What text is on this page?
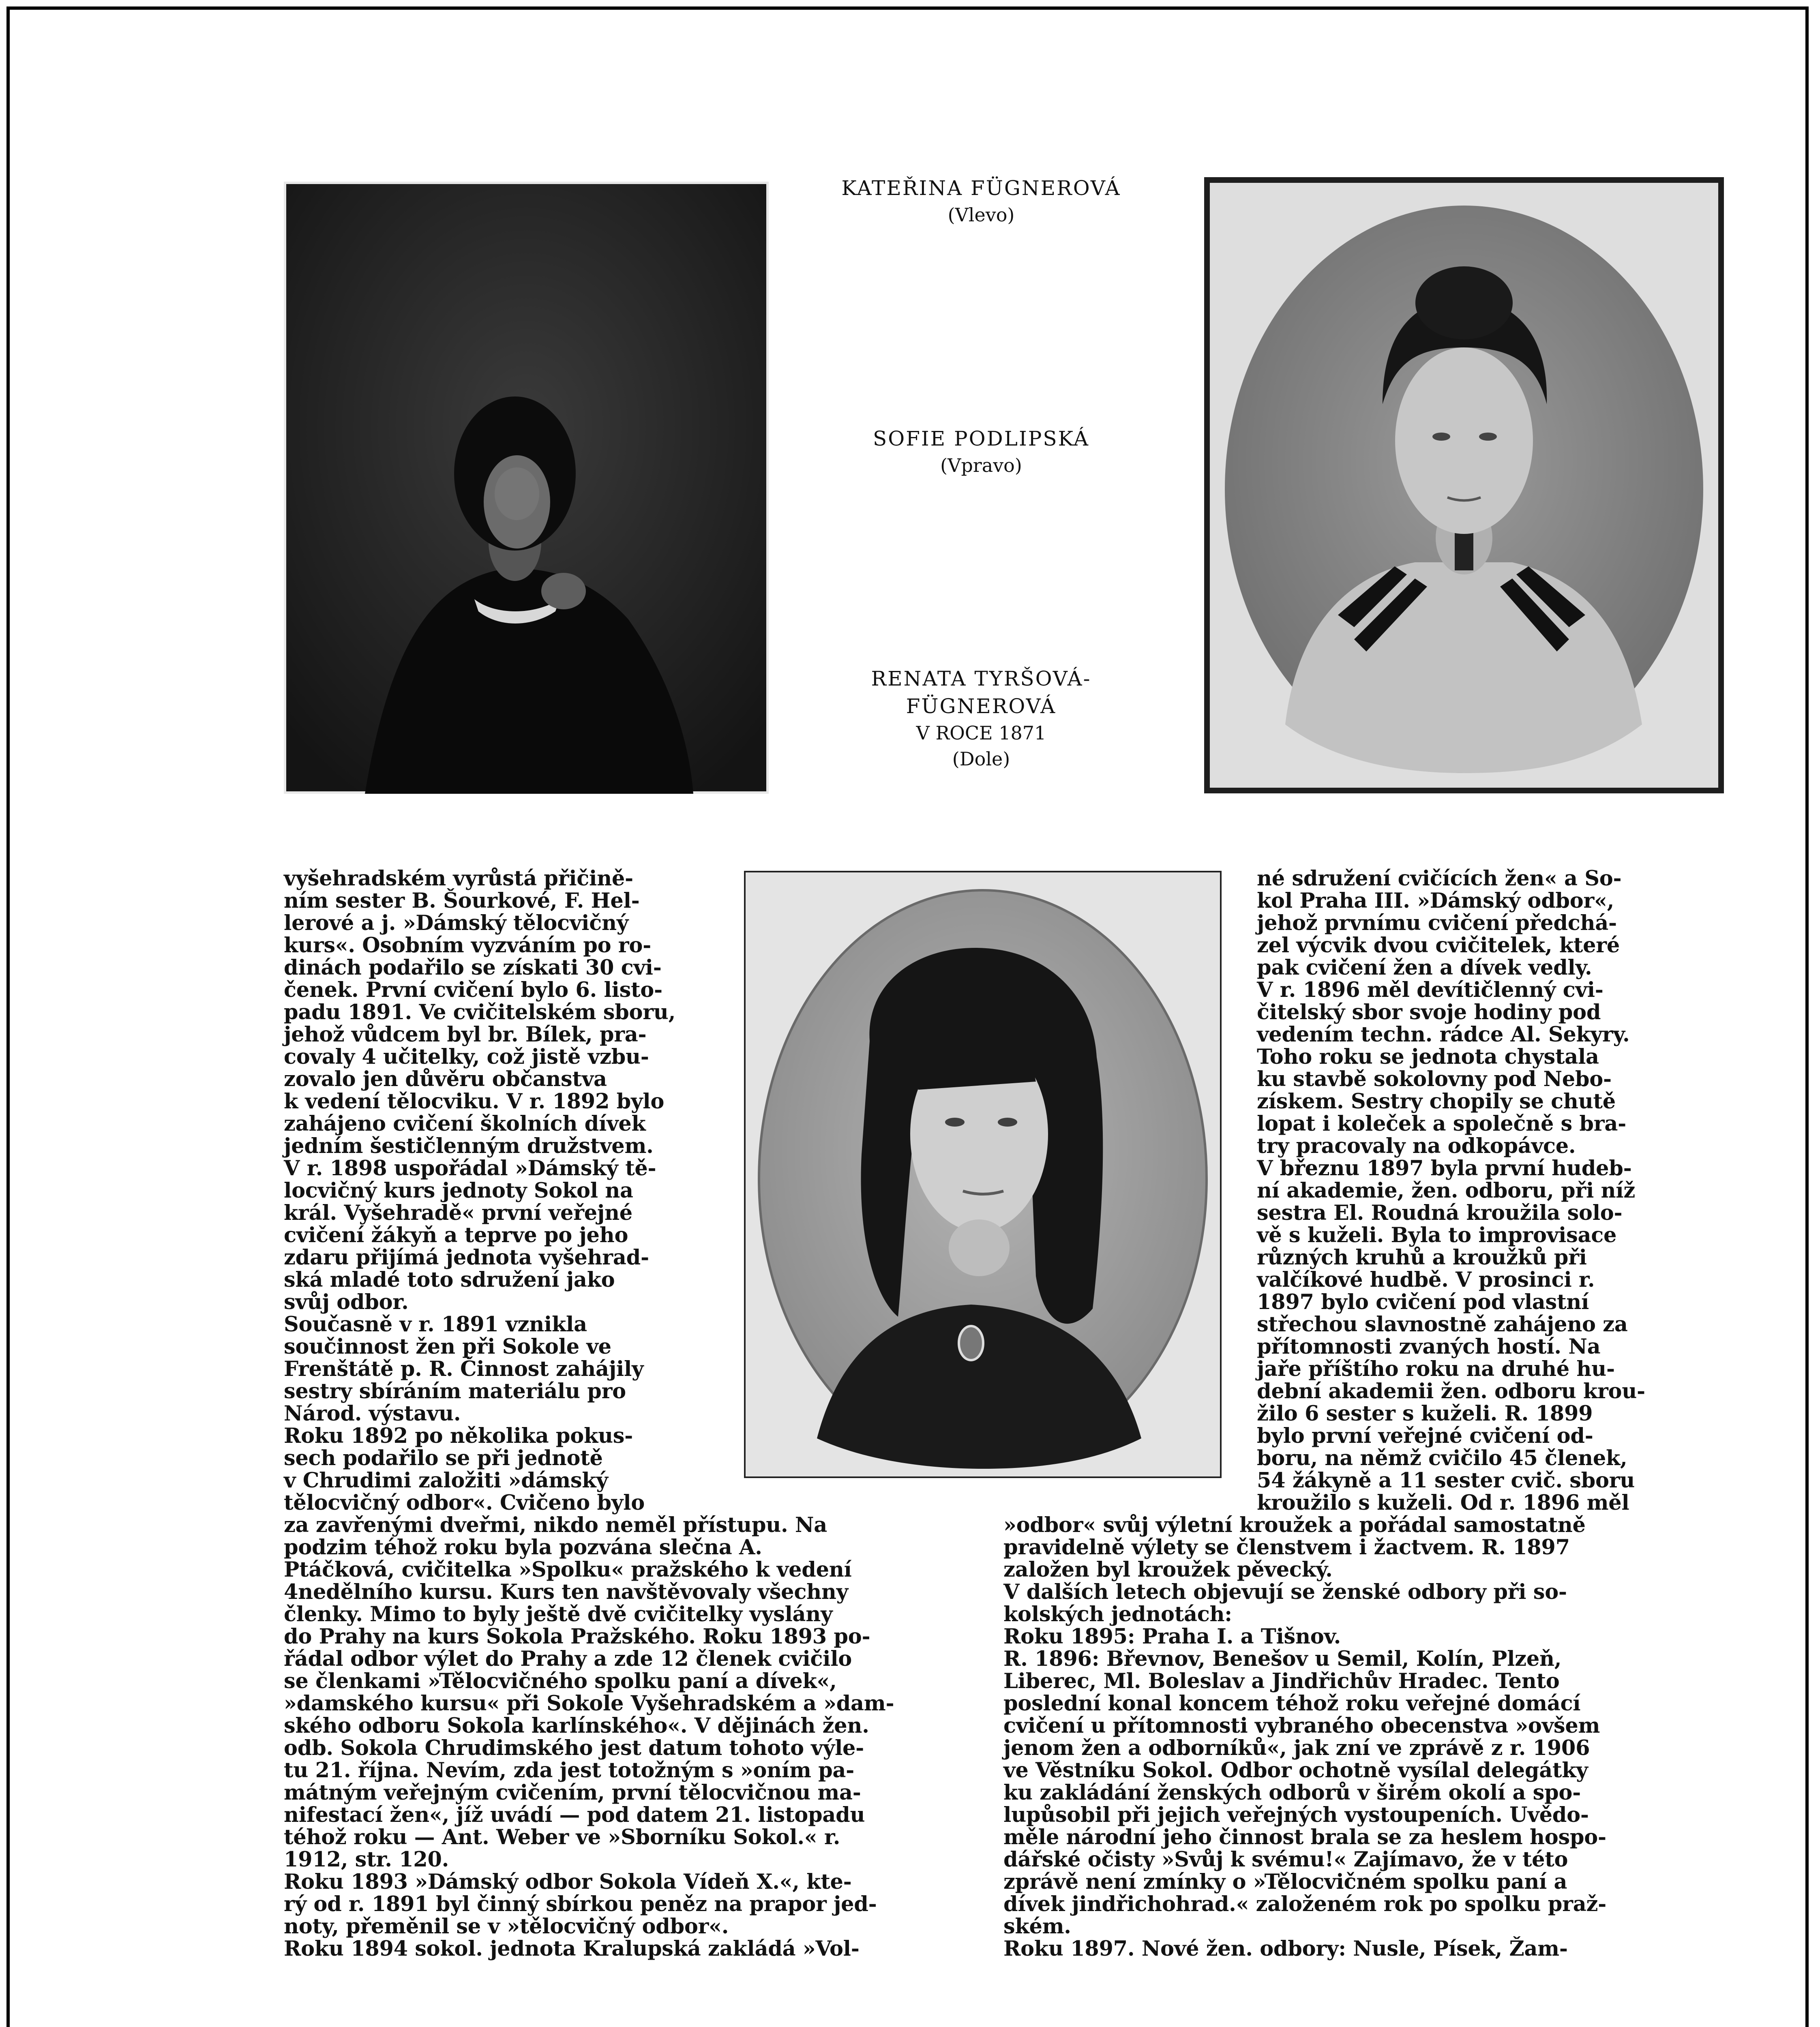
KATEŘINA FÜGNEROVÁ
(Vlevo)
SOFIE PODLIPSKÁ
(Vpravo)
RENATA TYRŠOVÁ-
FÜGNEROVÁ
V ROCE 1871
(Dole)

vyšehradském vyrůstá přičině-

ním sester B. Šourkové, F. Hel-

lerové a j. »Dámský tělocvičný

kurs«. Osobním vyzváním po ro-

dinách podařilo se získati 30 cvi-

čenek. První cvičení bylo 6. listo-

padu 1891. Ve cvičitelském sboru,

jehož vůdcem byl br. Bílek, pra-

covaly 4 učitelky, což jistě vzbu-

zovalo jen důvěru občanstva

k vedení tělocviku. V r. 1892 bylo

zahájeno cvičení školních dívek

jedním šestičlenným družstvem.

V r. 1898 uspořádal »Dámský tě-

locvičný kurs jednoty Sokol na

král. Vyšehradě« první veřejné

cvičení žákyň a teprve po jeho

zdaru přijímá jednota vyšehrad-

ská mladé toto sdružení jako

svůj odbor.

Současně v r. 1891 vznikla

součinnost žen při Sokole ve

Frenštátě p. R. Činnost zahájily

sestry sbíráním materiálu pro

Národ. výstavu.

Roku 1892 po několika pokus-

sech podařilo se při jednotě

v Chrudimi založiti »dámský

tělocvičný odbor«. Cvičeno bylo

za zavřenými dveřmi, nikdo neměl přístupu. Na

podzim téhož roku byla pozvána slečna A.

Ptáčková, cvičitelka »Spolku« pražského k vedení

4nedělního kursu. Kurs ten navštěvovaly všechny

členky. Mimo to byly ještě dvě cvičitelky vyslány

do Prahy na kurs Sokola Pražského. Roku 1893 po-

řádal odbor výlet do Prahy a zde 12 členek cvičilo

se členkami »Tělocvičného spolku paní a dívek«,

»damského kursu« při Sokole Vyšehradském a »dam-

ského odboru Sokola karlínského«. V dějinách žen.

odb. Sokola Chrudimského jest datum tohoto výle-

tu 21. října. Nevím, zda jest totožným s »oním pa-

mátným veřejným cvičením, první tělocvičnou ma-

nifestací žen«, jíž uvádí — pod datem 21. listopadu

téhož roku — Ant. Weber ve »Sborníku Sokol.« r.

1912, str. 120.

Roku 1893 »Dámský odbor Sokola Vídeň X.«, kte-

rý od r. 1891 byl činný sbírkou peněz na prapor jed-

noty, přeměnil se v »tělocvičný odbor«.

Roku 1894 sokol. jednota Kralupská zakládá »Vol-

né sdružení cvičících žen« a So-

kol Praha III. »Dámský odbor«,

jehož prvnímu cvičení předchá-

zel výcvik dvou cvičitelek, které

pak cvičení žen a dívek vedly.

V r. 1896 měl devítičlenný cvi-

čitelský sbor svoje hodiny pod

vedením techn. rádce Al. Sekyry.

Toho roku se jednota chystala

ku stavbě sokolovny pod Nebo-

získem. Sestry chopily se chutě

lopat i koleček a společně s bra-

try pracovaly na odkopávce.

V březnu 1897 byla první hudeb-

ní akademie, žen. odboru, při níž

sestra El. Roudná kroužila solo-

vě s kuželi. Byla to improvisace

různých kruhů a kroužků při

valčíkové hudbě. V prosinci r.

1897 bylo cvičení pod vlastní

střechou slavnostně zahájeno za

přítomnosti zvaných hostí. Na

jaře příštího roku na druhé hu-

dební akademii žen. odboru krou-

žilo 6 sester s kuželi. R. 1899

bylo první veřejné cvičení od-

boru, na němž cvičilo 45 členek,

54 žákyně a 11 sester cvič. sboru

kroužilo s kuželi. Od r. 1896 měl

»odbor« svůj výletní kroužek a pořádal samostatně

pravidelně výlety se členstvem i žactvem. R. 1897

založen byl kroužek pěvecký.

V dalších letech objevují se ženské odbory při so-

kolských jednotách:

Roku 1895: Praha I. a Tišnov.

R. 1896: Břevnov, Benešov u Semil, Kolín, Plzeň,

Liberec, Ml. Boleslav a Jindřichův Hradec. Tento

poslední konal koncem téhož roku veřejné domácí

cvičení u přítomnosti vybraného obecenstva »ovšem

jenom žen a odborníků«, jak zní ve zprávě z r. 1906

ve Věstníku Sokol. Odbor ochotně vysílal delegátky

ku zakládání ženských odborů v širém okolí a spo-

lupůsobil při jejich veřejných vystoupeních. Uvědo-

měle národní jeho činnost brala se za heslem hospo-

dářské očisty »Svůj k svému!« Zajímavo, že v této

zprávě není zmínky o »Tělocvičném spolku paní a

dívek jindřichohrad.« založeném rok po spolku praž-

ském.

Roku 1897. Nové žen. odbory: Nusle, Písek, Žam-
